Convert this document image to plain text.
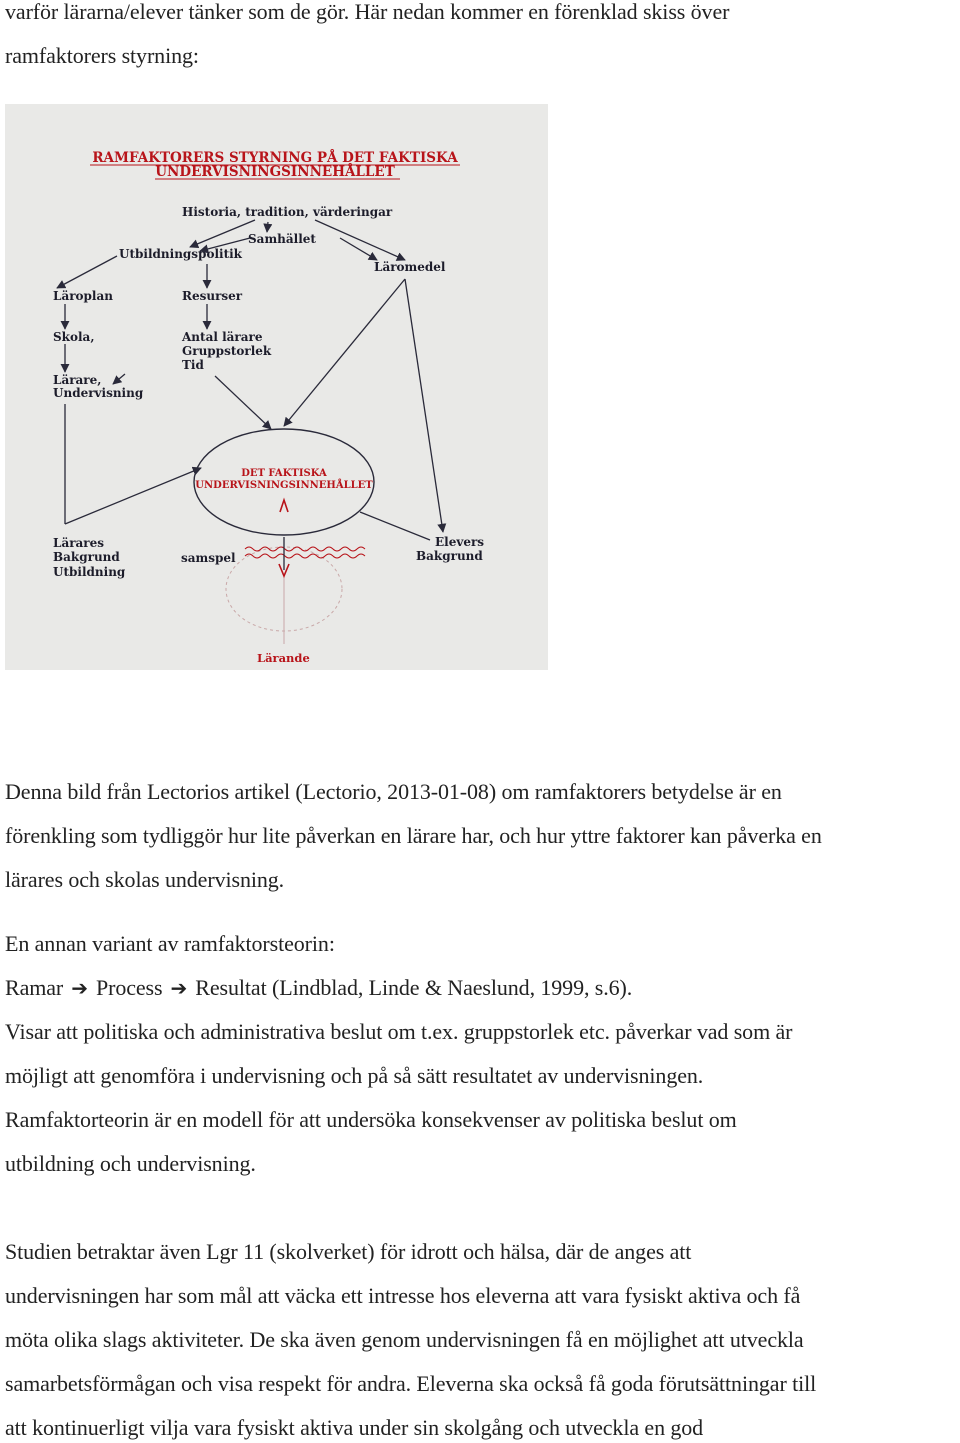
varför lärarna/elever tänker som de gör. Här nedan kommer en förenklad skiss över
ramfaktorers styrning:
RAMFAKTORERS STYRNING PÅ DET FAKTISKA
UNDERVISNINGSINNEHÅLLET
Historia, tradition, värderingar
Samhället
Utbildningspolitik
Läromedel
Läroplan	Resurser
Skola,	Antal lärare
Gruppstorlek
Tid
Lärare,
Undervisning
DET FAKTISKA
UNDERVISNINGSINNEHÅLLET
Lärares
Bakgrund
Utbildning
samspel
Elevers
Bakgrund
Lärande
Denna bild från Lectorios artikel (Lectorio, 2013-01-08) om ramfaktorers betydelse är en
förenkling som tydliggör hur lite påverkan en lärare har, och hur yttre faktorer kan påverka en
lärares och skolas undervisning.
En annan variant av ramfaktorsteorin:
Ramar ➔ Process ➔ Resultat (Lindblad, Linde & Naeslund, 1999, s.6).
Visar att politiska och administrativa beslut om t.ex. gruppstorlek etc. påverkar vad som är
möjligt att genomföra i undervisning och på så sätt resultatet av undervisningen.
Ramfaktorteorin är en modell för att undersöka konsekvenser av politiska beslut om
utbildning och undervisning.
Studien betraktar även Lgr 11 (skolverket) för idrott och hälsa, där de anges att
undervisningen har som mål att väcka ett intresse hos eleverna att vara fysiskt aktiva och få
möta olika slags aktiviteter. De ska även genom undervisningen få en möjlighet att utveckla
samarbetsförmågan och visa respekt för andra. Eleverna ska också få goda förutsättningar till
att kontinuerligt vilja vara fysiskt aktiva under sin skolgång och utveckla en god
